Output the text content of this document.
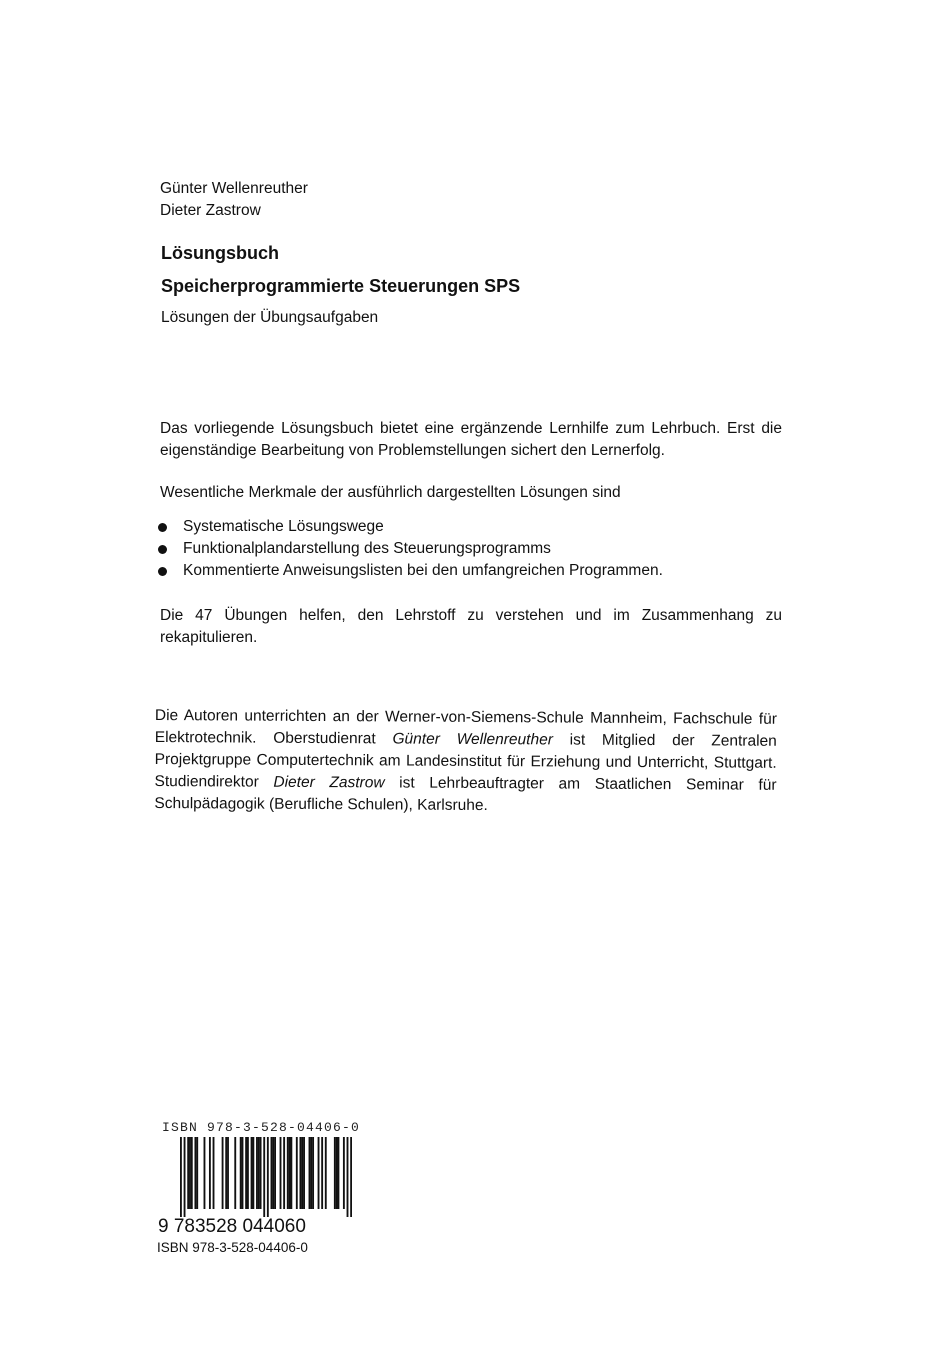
Günter Wellenreuther
Dieter Zastrow
Lösungsbuch
Speicherprogrammierte Steuerungen SPS
Lösungen der Übungsaufgaben

Das vorliegende Lösungsbuch bietet eine ergänzende Lernhilfe zum Lehrbuch. Erst die eigenständige Bearbeitung von Problemstellungen sichert den Lernerfolg.

Wesentliche Merkmale der ausführlich dargestellten Lösungen sind
Systematische Lösungswege
Funktionalplandarstellung des Steuerungsprogramms
Kommentierte Anweisungslisten bei den umfangreichen Programmen.
Die 47 Übungen helfen, den Lehrstoff zu verstehen und im Zusammenhang zu rekapitulieren.
Die Autoren unterrichten an der Werner-von-Siemens-Schule Mannheim, Fachschule für Elektrotechnik. Oberstudienrat Günter Wellenreuther ist Mitglied der Zentralen Projektgruppe Computertechnik am Landesinstitut für Erziehung und Unterricht, Stuttgart. Studiendirektor Dieter Zastrow ist Lehrbeauftragter am Staatlichen Seminar für Schulpädagogik (Berufliche Schulen), Karlsruhe.
ISBN 978-3-528-04406-0
9 783528 044060
ISBN 978-3-528-04406-0
